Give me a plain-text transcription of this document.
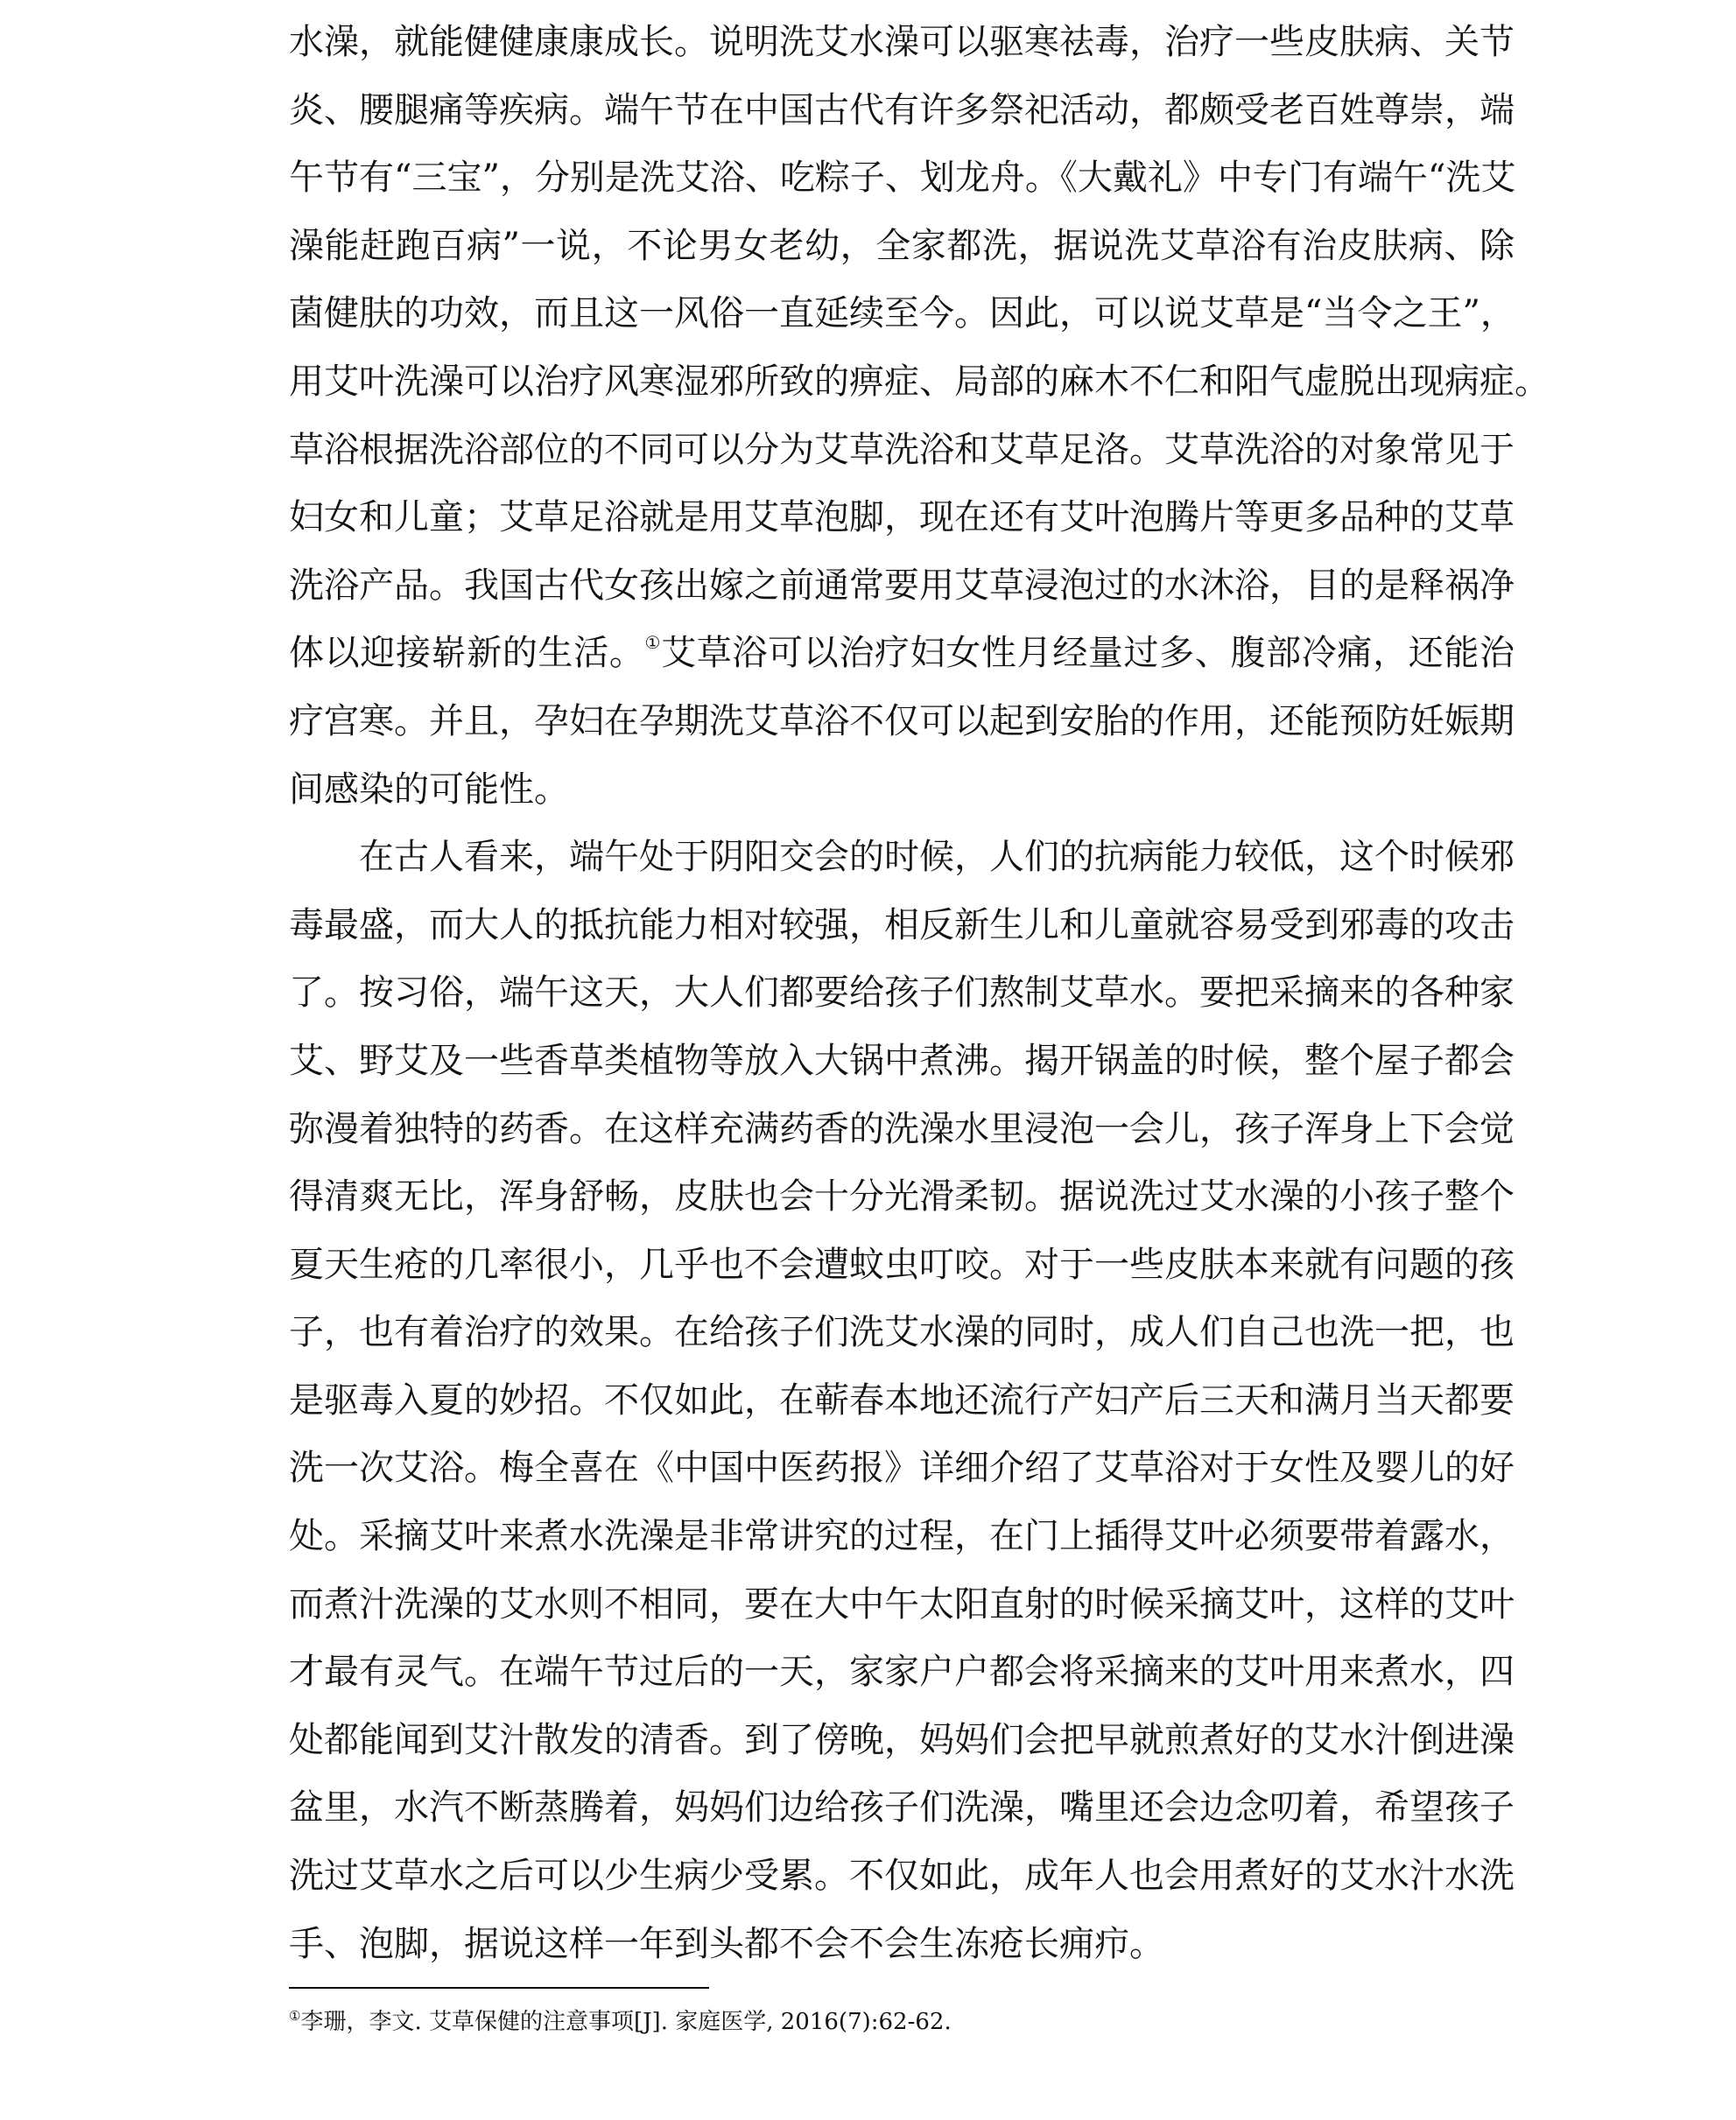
水澡，就能健健康康成长。说明洗艾水澡可以驱寒祛毒，治疗一些皮肤病、关节
炎、腰腿痛等疾病。端午节在中国古代有许多祭祀活动，都颇受老百姓尊崇，端
午节有“三宝”，分别是洗艾浴、吃粽子、划龙舟。《大戴礼》中专门有端午“洗艾
澡能赶跑百病”一说，不论男女老幼，全家都洗，据说洗艾草浴有治皮肤病、除
菌健肤的功效，而且这一风俗一直延续至今。因此，可以说艾草是“当令之王”，
用艾叶洗澡可以治疗风寒湿邪所致的痹症、局部的麻木不仁和阳气虚脱出现病症。
草浴根据洗浴部位的不同可以分为艾草洗浴和艾草足洛。艾草洗浴的对象常见于
妇女和儿童；艾草足浴就是用艾草泡脚，现在还有艾叶泡腾片等更多品种的艾草
洗浴产品。我国古代女孩出嫁之前通常要用艾草浸泡过的水沐浴，目的是释祸净
体以迎接崭新的生活。①艾草浴可以治疗妇女性月经量过多、腹部冷痛，还能治
疗宫寒。并且，孕妇在孕期洗艾草浴不仅可以起到安胎的作用，还能预防妊娠期
间感染的可能性。

在古人看来，端午处于阴阳交会的时候，人们的抗病能力较低，这个时候邪
毒最盛，而大人的抵抗能力相对较强，相反新生儿和儿童就容易受到邪毒的攻击
了。按习俗，端午这天，大人们都要给孩子们熬制艾草水。要把采摘来的各种家
艾、野艾及一些香草类植物等放入大锅中煮沸。揭开锅盖的时候，整个屋子都会
弥漫着独特的药香。在这样充满药香的洗澡水里浸泡一会儿，孩子浑身上下会觉
得清爽无比，浑身舒畅，皮肤也会十分光滑柔韧。据说洗过艾水澡的小孩子整个
夏天生疮的几率很小，几乎也不会遭蚊虫叮咬。对于一些皮肤本来就有问题的孩
子，也有着治疗的效果。在给孩子们洗艾水澡的同时，成人们自己也洗一把，也
是驱毒入夏的妙招。不仅如此，在蕲春本地还流行产妇产后三天和满月当天都要
洗一次艾浴。梅全喜在《中国中医药报》详细介绍了艾草浴对于女性及婴儿的好
处。采摘艾叶来煮水洗澡是非常讲究的过程，在门上插得艾叶必须要带着露水，
而煮汁洗澡的艾水则不相同，要在大中午太阳直射的时候采摘艾叶，这样的艾叶
才最有灵气。在端午节过后的一天，家家户户都会将采摘来的艾叶用来煮水，四
处都能闻到艾汁散发的清香。到了傍晚，妈妈们会把早就煎煮好的艾水汁倒进澡
盆里，水汽不断蒸腾着，妈妈们边给孩子们洗澡，嘴里还会边念叨着，希望孩子
洗过艾草水之后可以少生病少受累。不仅如此，成年人也会用煮好的艾水汁水洗
手、泡脚，据说这样一年到头都不会不会生冻疮长痈疖。

①李珊，李文. 艾草保健的注意事项[J]. 家庭医学, 2016(7):62-62.
